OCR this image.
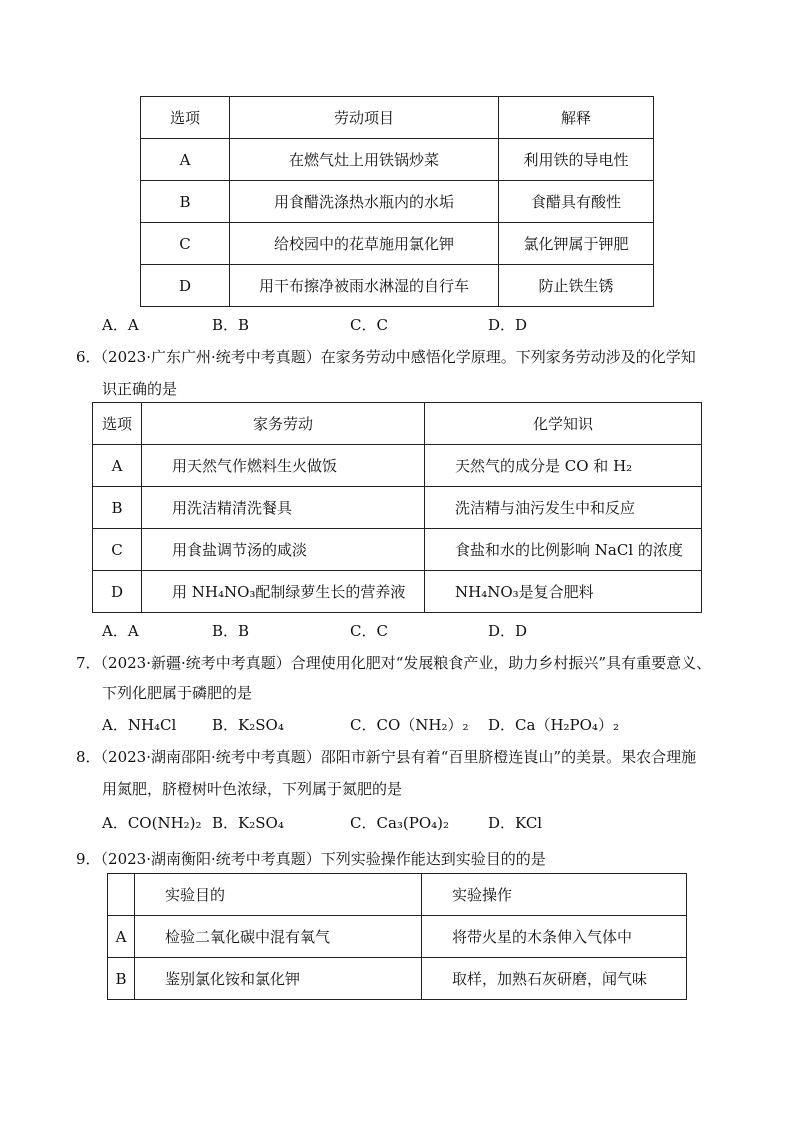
选项	劳动项目	解释
A	在燃气灶上用铁锅炒菜	利用铁的导电性
B	用食醋洗涤热水瓶内的水垢	食醋具有酸性
C	给校园中的花草施用氯化钾	氯化钾属于钾肥
D	用干布擦净被雨水淋湿的自行车	防止铁生锈
A．A	B．B	C．C	D．D
6．（2023·广东广州·统考中考真题）在家务劳动中感悟化学原理。下列家务劳动涉及的化学知
识正确的是
选项	家务劳动	化学知识
A	用天然气作燃料生火做饭	天然气的成分是 CO 和 H₂
B	用洗洁精清洗餐具	洗洁精与油污发生中和反应
C	用食盐调节汤的咸淡	食盐和水的比例影响 NaCl 的浓度
D	用 NH₄NO₃配制绿萝生长的营养液	NH₄NO₃是复合肥料
A．A	B．B	C．C	D．D
7．（2023·新疆·统考中考真题）合理使用化肥对“发展粮食产业，助力乡村振兴”具有重要意义、
下列化肥属于磷肥的是
A．NH₄Cl B．K₂SO₄	C．CO（NH₂）₂ D．Ca（H₂PO₄）₂
8．（2023·湖南邵阳·统考中考真题）邵阳市新宁县有着“百里脐橙连崀山”的美景。果农合理施
用氮肥，脐橙树叶色浓绿，下列属于氮肥的是
A．CO(NH₂)₂ B．K₂SO₄	C．Ca₃(PO₄)₂	D．KCl
9．（2023·湖南衡阳·统考中考真题）下列实验操作能达到实验目的的是
	实验目的	实验操作
A	检验二氧化碳中混有氧气	将带火星的木条伸入气体中
B	鉴别氯化铵和氯化钾	取样，加熟石灰研磨，闻气味
